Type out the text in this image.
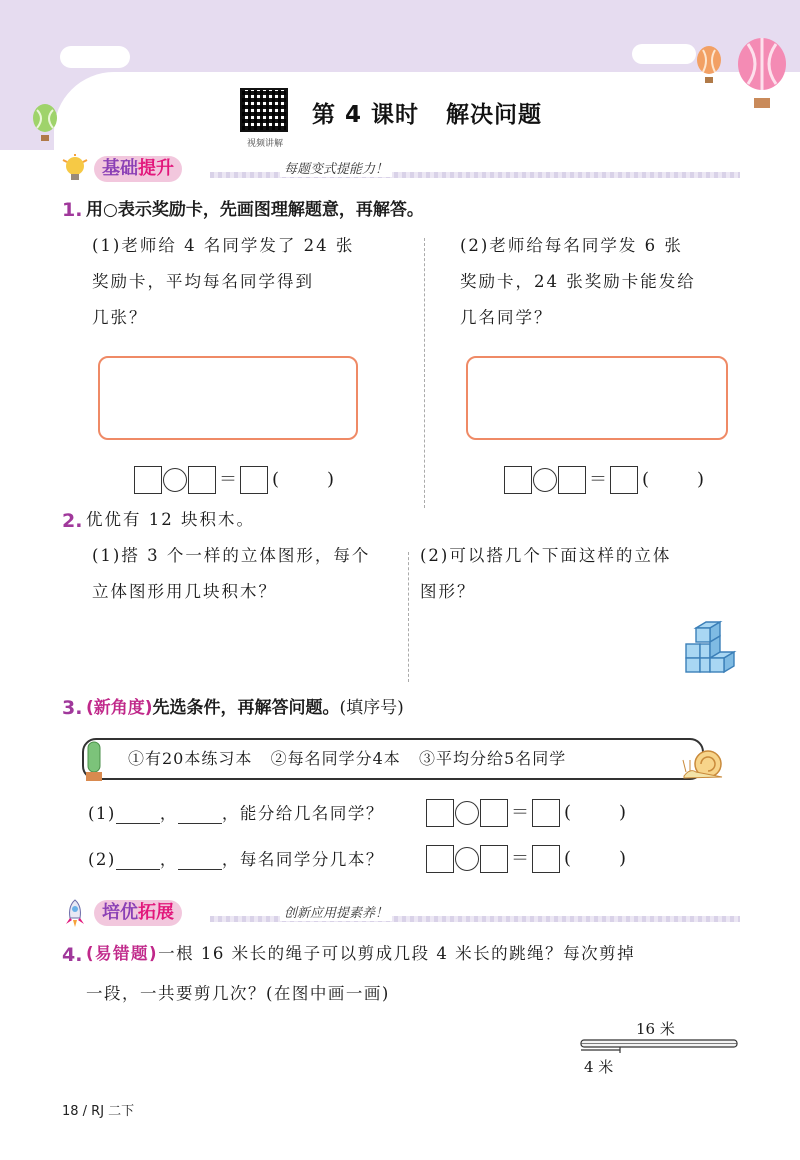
视频讲解
第 4 课时   解决问题
基础提升	每题变式提能力！
1. 用○表示奖励卡，先画图理解题意，再解答。
(1)老师给 4 名同学发了 24 张
奖励卡，平均每名同学得到
几张？
(2)老师给每名同学发 6 张
奖励卡，24 张奖励卡能发给
几名同学？
＝ (	)	＝ (	)
2. 优优有 12 块积木。
(1)搭 3 个一样的立体图形，每个
立体图形用几块积木？
(2)可以搭几个下面这样的立体
图形？
3. (新角度)先选条件，再解答问题。(填序号)
①有20本练习本   ②每名同学分4本   ③平均分给5名同学
(1)	，	，能分给几名同学？	＝ (	)
(2)	，	，每名同学分几本？	＝ (	)
培优拓展	创新应用提素养！
4. (易错题)一根 16 米长的绳子可以剪成几段 4 米长的跳绳？每次剪掉
一段，一共要剪几次？(在图中画一画)
16 米
4 米
18 / RJ 二下
